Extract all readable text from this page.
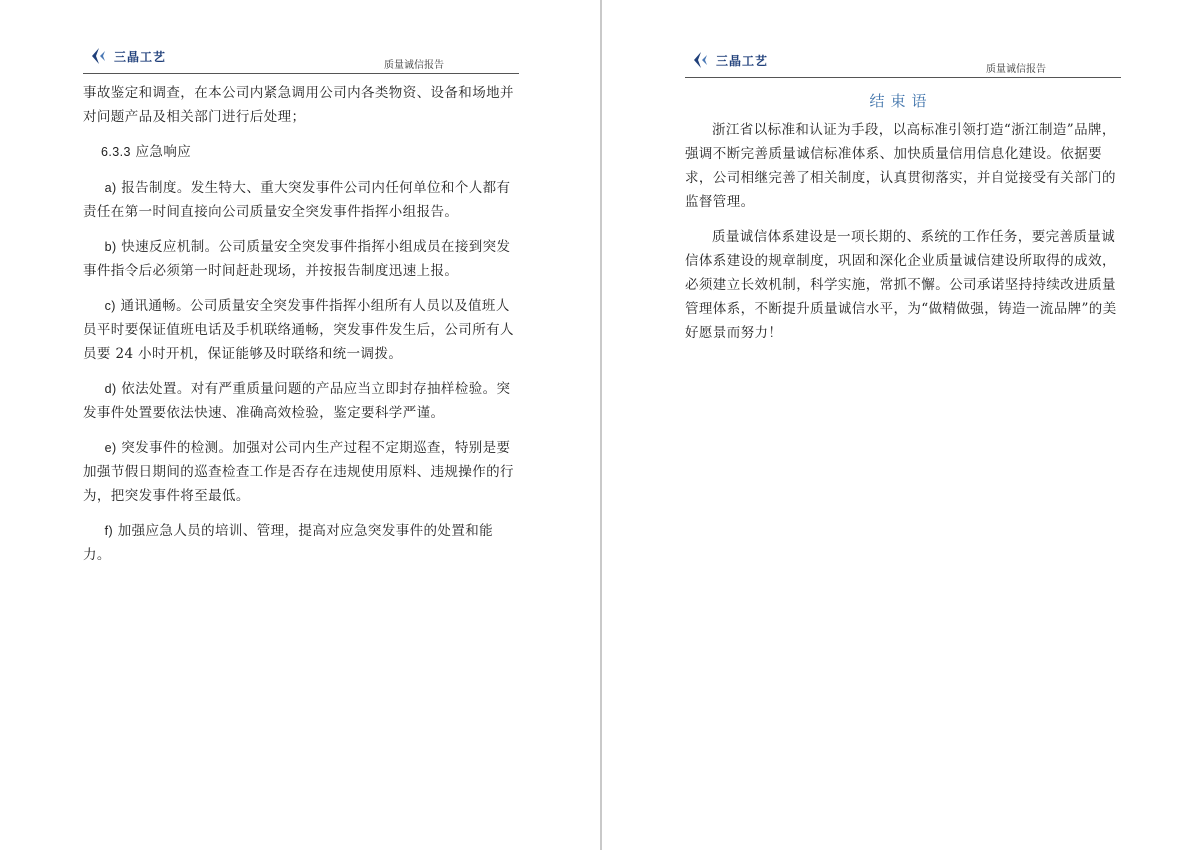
三晶工艺
质量诚信报告

事故鉴定和调查，在本公司内紧急调用公司内各类物资、设备和场地并对问题产品及相关部门进行后处理；

6.3.3 应急响应

a) 报告制度。发生特大、重大突发事件公司内任何单位和个人都有责任在第一时间直接向公司质量安全突发事件指挥小组报告。

b) 快速反应机制。公司质量安全突发事件指挥小组成员在接到突发事件指令后必须第一时间赶赴现场，并按报告制度迅速上报。

c) 通讯通畅。公司质量安全突发事件指挥小组所有人员以及值班人员平时要保证值班电话及手机联络通畅，突发事件发生后，公司所有人员要 24 小时开机，保证能够及时联络和统一调拨。

d) 依法处置。对有严重质量问题的产品应当立即封存抽样检验。突发事件处置要依法快速、准确高效检验，鉴定要科学严谨。

e) 突发事件的检测。加强对公司内生产过程不定期巡查，特别是要加强节假日期间的巡查检查工作是否存在违规使用原料、违规操作的行为，把突发事件将至最低。

f) 加强应急人员的培训、管理，提高对应急突发事件的处置和能力。

三晶工艺
质量诚信报告
结束语

浙江省以标准和认证为手段，以高标准引领打造“浙江制造”品牌，强调不断完善质量诚信标准体系、加快质量信用信息化建设。依据要求，公司相继完善了相关制度，认真贯彻落实，并自觉接受有关部门的监督管理。

质量诚信体系建设是一项长期的、系统的工作任务，要完善质量诚信体系建设的规章制度，巩固和深化企业质量诚信建设所取得的成效，必须建立长效机制，科学实施，常抓不懈。公司承诺坚持持续改进质量管理体系，不断提升质量诚信水平，为“做精做强，铸造一流品牌”的美好愿景而努力！
